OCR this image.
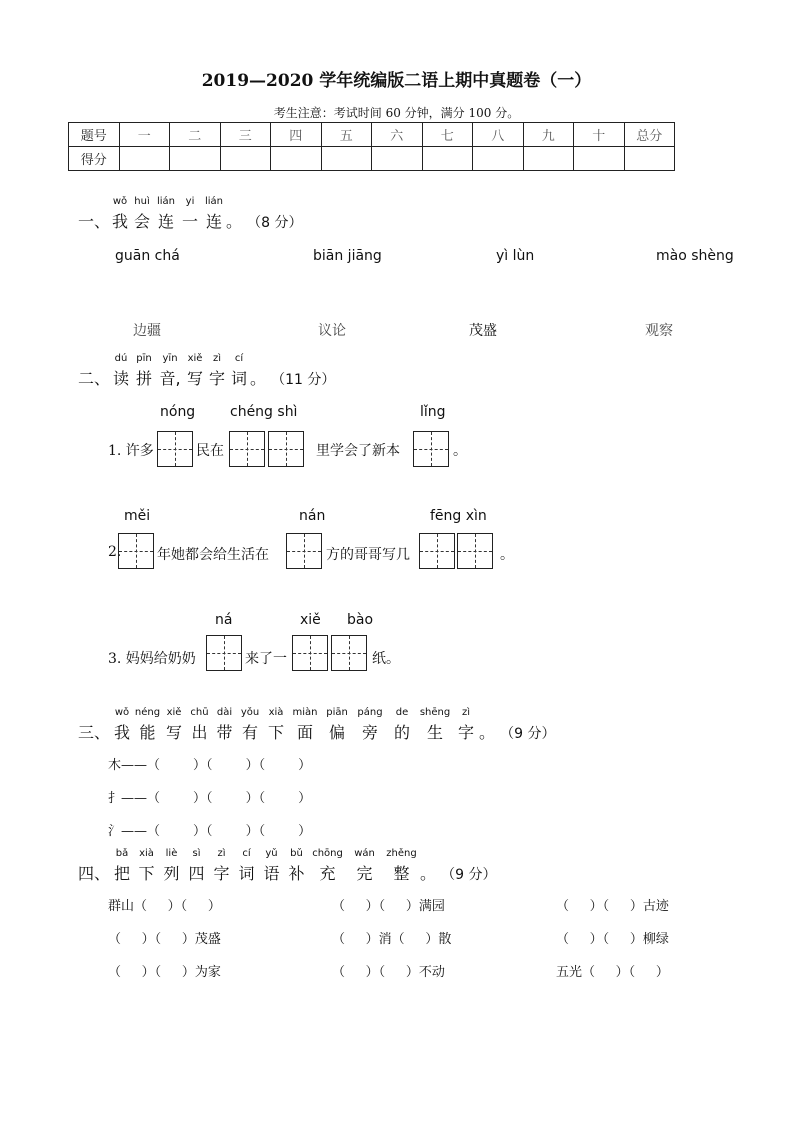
2019—2020 学年统编版二语上期中真题卷（一）
考生注意：考试时间 60 分钟，满分 100 分。
题号	一	二	三	四	五	六	七	八	九	十	总分
得分											
一、
wǒ
我
huì
会
lián
连
yi
一
lián
连 。 （8 分）
guān chá	biān jiāng	yì lùn	mào shèng
边疆	议论	茂盛	观察
二、
dú
读
pīn
拼
yīn
音,
xiě
写
zì
字
cí
词 。 （11 分）
nóng chéng shì	lǐng
1. 许多	民在	里学会了新本	。
měi	nán	fēng xìn
2.	年她都会给生活在	方的哥哥写几	。
ná	xiě bào
3. 妈妈给奶奶	来了一	纸。
三、
wǒ
我
néng
能
xiě
写
chū
出
dài
带
yǒu
有
xià
下
miàn
面
piān
偏
páng
旁
de
的
shēng
生
zì
字 。 （9 分）
木——（        ）（        ）（        ）
扌——（        ）（        ）（        ）
氵——（        ）（        ）（        ）
四、
bǎ
把
xià
下
liè
列
sì
四
zì
字
cí
词
yǔ
语
bǔ
补
chōng
充
wán
完
zhěng
整 。 （9 分）
群山（     ）（     ）	（     ）（     ）满园	（     ）（     ）古迹
（     ）（     ）茂盛	（     ）消（     ）散	（     ）（     ）柳绿
（     ）（     ）为家	（     ）（     ）不动	五光（     ）（     ）
